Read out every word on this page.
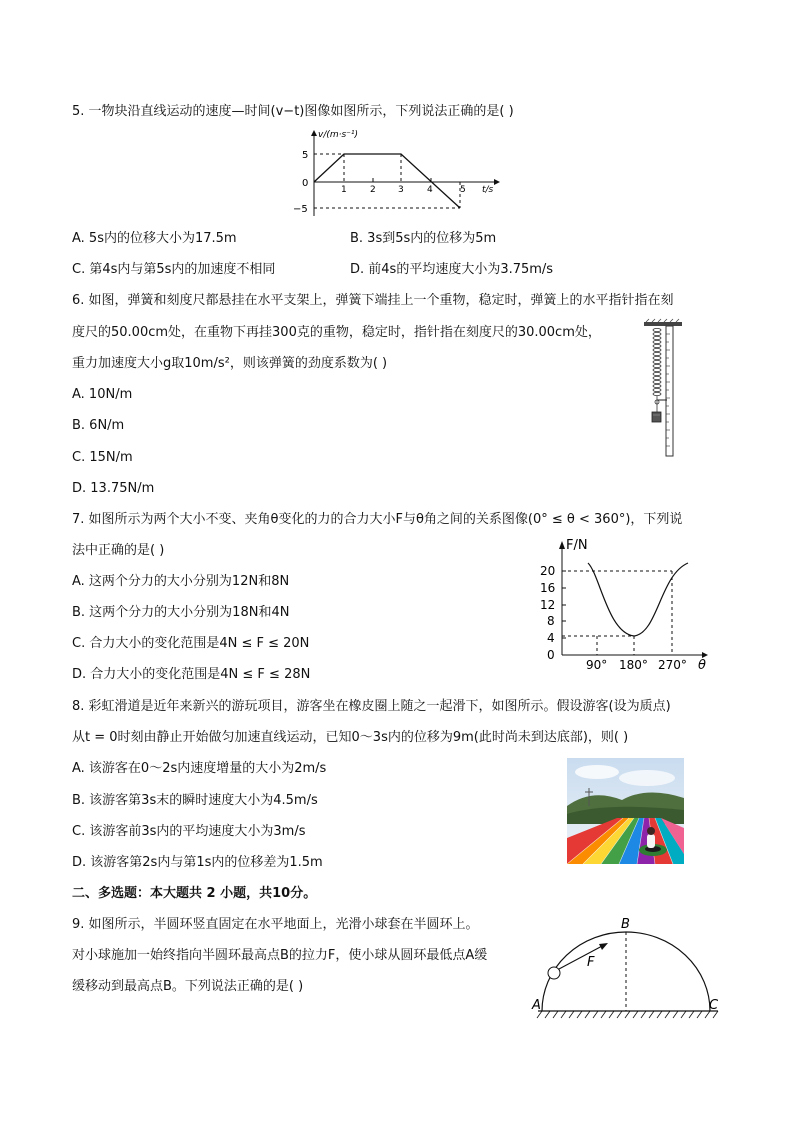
5. 一物块沿直线运动的速度—时间(v−t)图像如图所示，下列说法正确的是( )
v/(m·s⁻¹)
t/s
5
0
−5
1	2 3	4	5
A. 5s内的位移大小为17.5m	B. 3s到5s内的位移为5m
C. 第4s内与第5s内的加速度不相同	D. 前4s的平均速度大小为3.75m/s
6. 如图，弹簧和刻度尺都悬挂在水平支架上，弹簧下端挂上一个重物，稳定时，弹簧上的水平指针指在刻
度尺的50.00cm处，在重物下再挂300克的重物，稳定时，指针指在刻度尺的30.00cm处，
重力加速度大小g取10m/s²，则该弹簧的劲度系数为( )
A. 10N/m
B. 6N/m
C. 15N/m
D. 13.75N/m
7. 如图所示为两个大小不变、夹角θ变化的力的合力大小F与θ角之间的关系图像(0° ≤ θ < 360°)，下列说
法中正确的是( )
A. 这两个分力的大小分别为12N和8N
B. 这两个分力的大小分别为18N和4N
C. 合力大小的变化范围是4N ≤ F ≤ 20N
D. 合力大小的变化范围是4N ≤ F ≤ 28N
F/N
θ
20
16
12
8
4
0
90° 180° 270°
8. 彩虹滑道是近年来新兴的游玩项目，游客坐在橡皮圈上随之一起滑下，如图所示。假设游客(设为质点)
从t = 0时刻由静止开始做匀加速直线运动，已知0～3s内的位移为9m(此时尚未到达底部)，则( )
A. 该游客在0～2s内速度增量的大小为2m/s
B. 该游客第3s末的瞬时速度大小为4.5m/s
C. 该游客前3s内的平均速度大小为3m/s
D. 该游客第2s内与第1s内的位移差为1.5m
二、多选题：本大题共 2 小题，共10分。
9. 如图所示，半圆环竖直固定在水平地面上，光滑小球套在半圆环上。
对小球施加一始终指向半圆环最高点B的拉力F，使小球从圆环最低点A缓
缓移动到最高点B。下列说法正确的是( )
B
A	C
F
